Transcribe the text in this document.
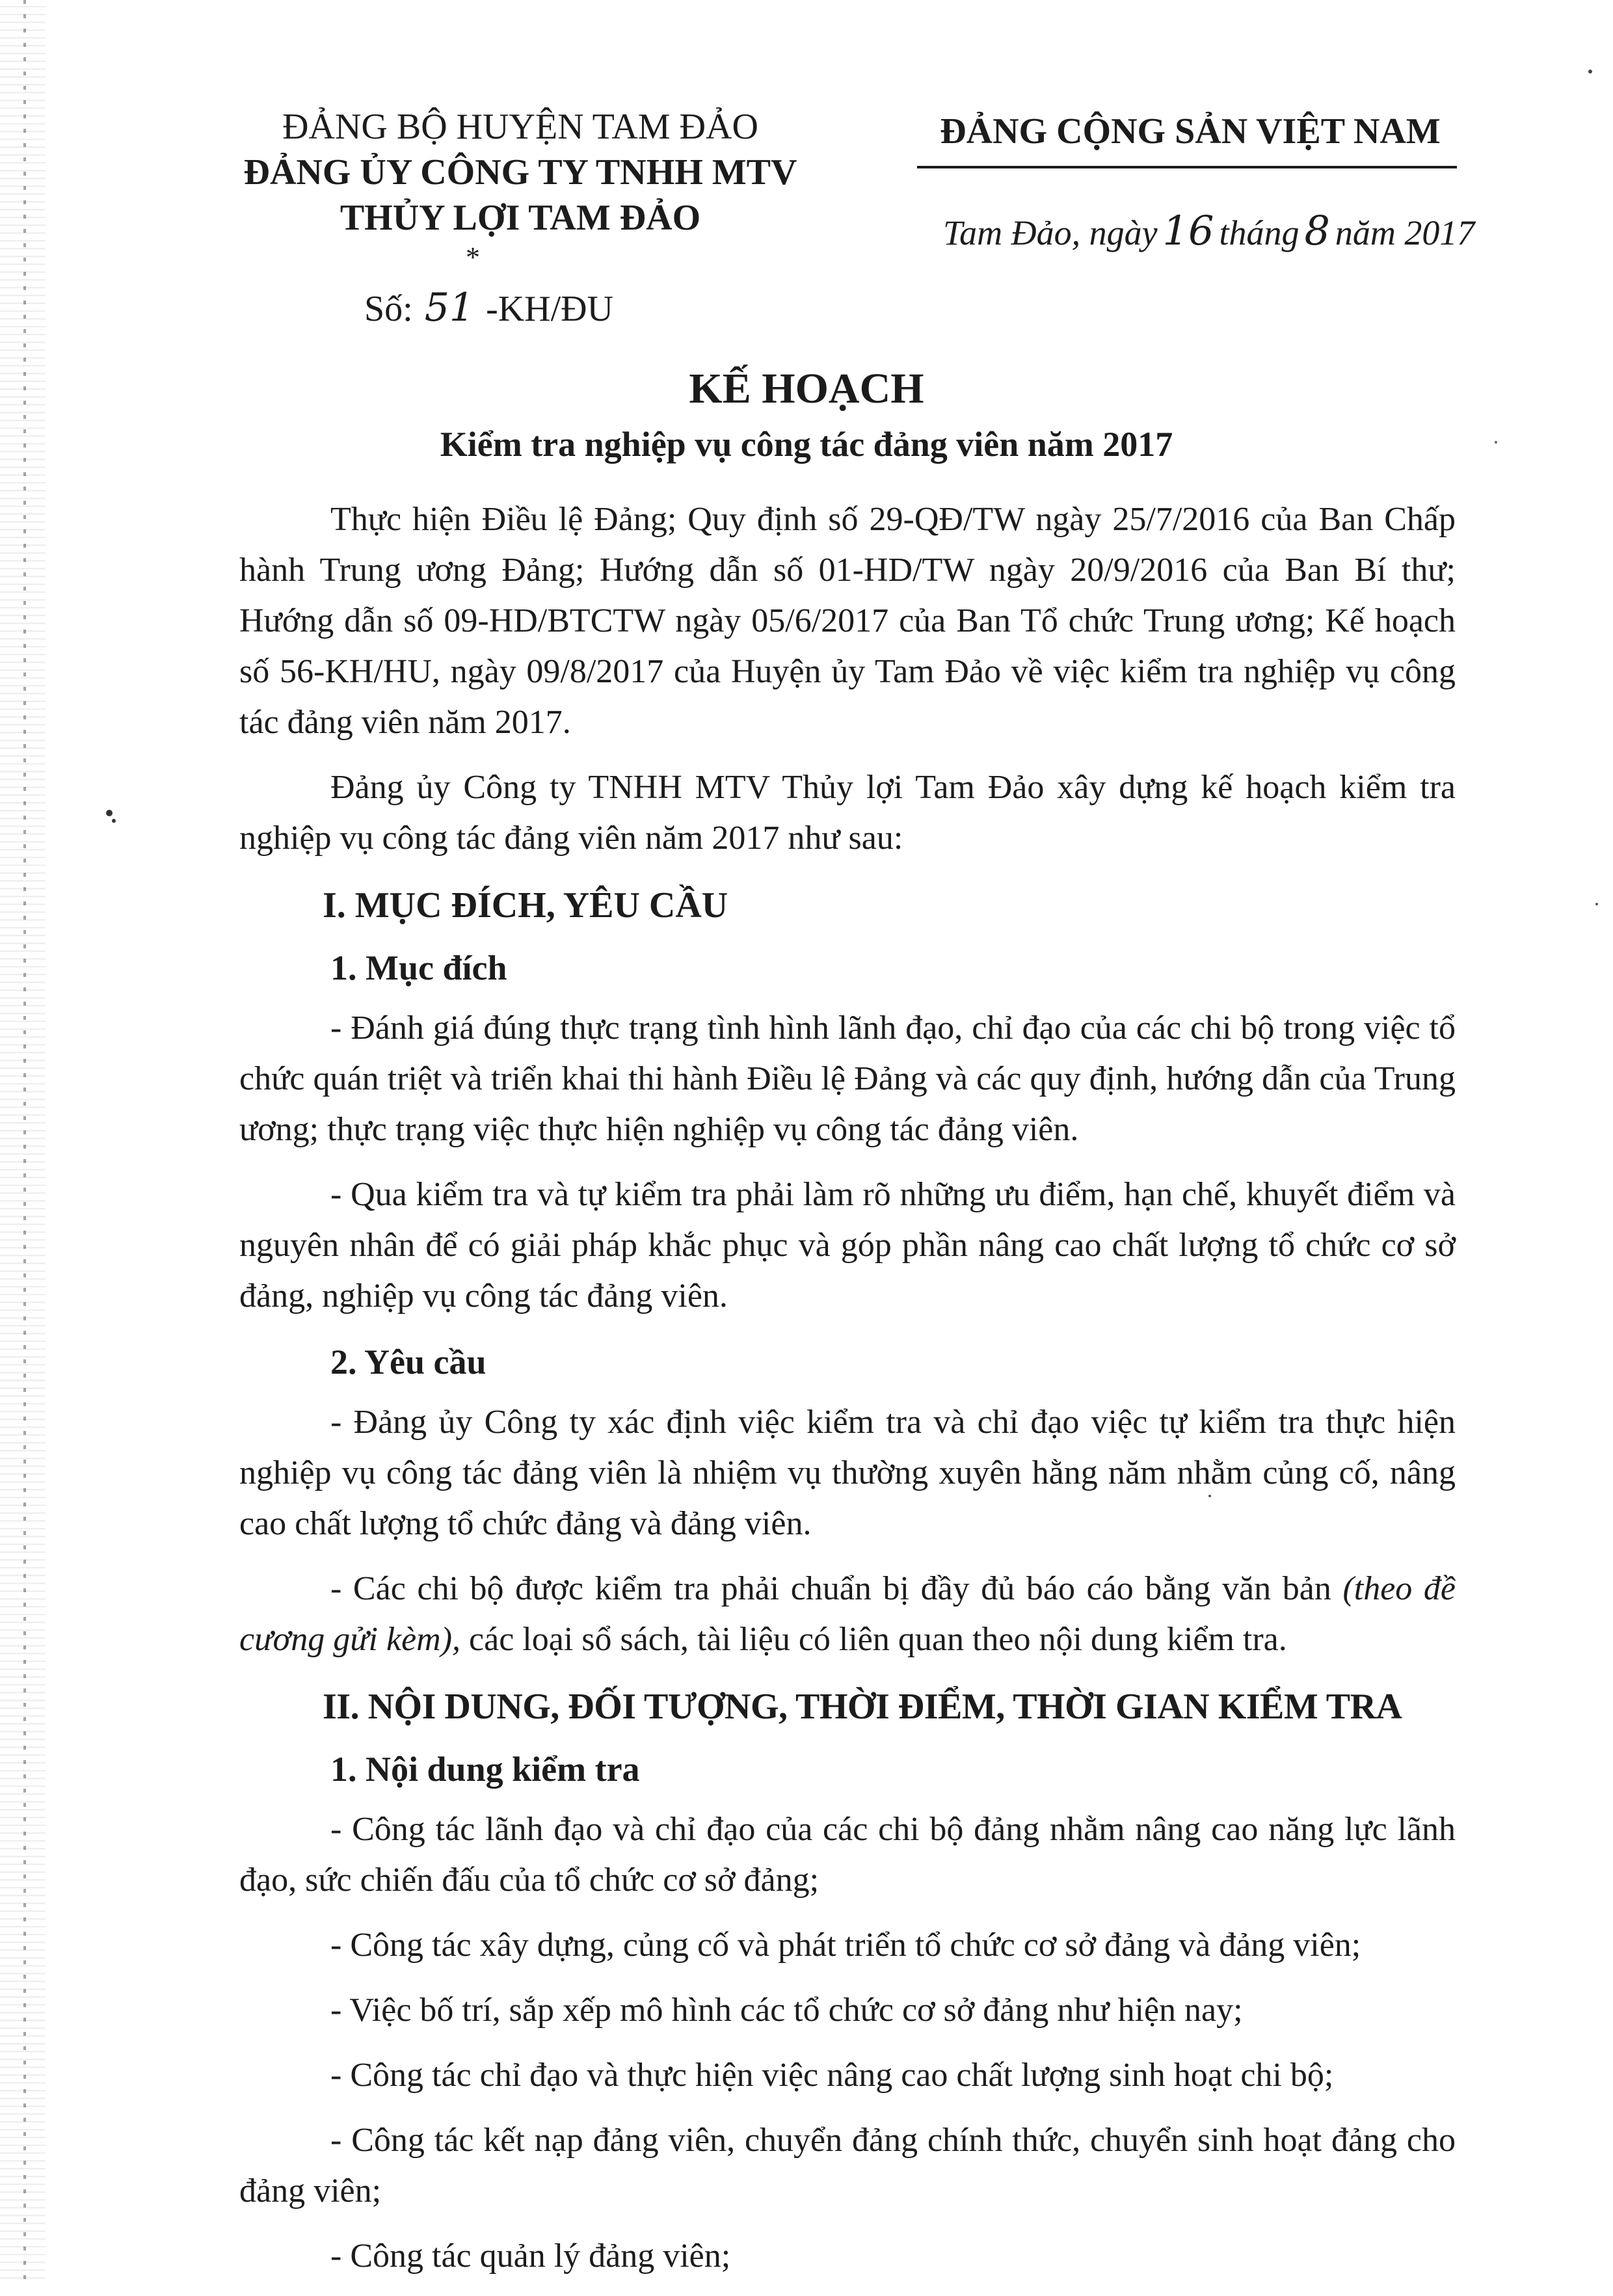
ĐẢNG BỘ HUYỆN TAM ĐẢO
ĐẢNG ỦY CÔNG TY TNHH MTV
THỦY LỢI TAM ĐẢO
*
Số: 51 -KH/ĐU
ĐẢNG CỘNG SẢN VIỆT NAM
Tam Đảo, ngày 16 tháng 8 năm 2017
KẾ HOẠCH
Kiểm tra nghiệp vụ công tác đảng viên năm 2017

Thực hiện Điều lệ Đảng; Quy định số 29-QĐ/TW ngày 25/7/2016 của Ban Chấp hành Trung ương Đảng; Hướng dẫn số 01-HD/TW ngày 20/9/2016 của Ban Bí thư; Hướng dẫn số 09-HD/BTCTW ngày 05/6/2017 của Ban Tổ chức Trung ương; Kế hoạch số 56-KH/HU, ngày 09/8/2017 của Huyện ủy Tam Đảo về việc kiểm tra nghiệp vụ công tác đảng viên năm 2017.

Đảng ủy Công ty TNHH MTV Thủy lợi Tam Đảo xây dựng kế hoạch kiểm tra nghiệp vụ công tác đảng viên năm 2017 như sau:

I. MỤC ĐÍCH, YÊU CẦU
1. Mục đích

- Đánh giá đúng thực trạng tình hình lãnh đạo, chỉ đạo của các chi bộ trong việc tổ chức quán triệt và triển khai thi hành Điều lệ Đảng và các quy định, hướng dẫn của Trung ương; thực trạng việc thực hiện nghiệp vụ công tác đảng viên.

- Qua kiểm tra và tự kiểm tra phải làm rõ những ưu điểm, hạn chế, khuyết điểm và nguyên nhân để có giải pháp khắc phục và góp phần nâng cao chất lượng tổ chức cơ sở đảng, nghiệp vụ công tác đảng viên.

2. Yêu cầu

- Đảng ủy Công ty xác định việc kiểm tra và chỉ đạo việc tự kiểm tra thực hiện nghiệp vụ công tác đảng viên là nhiệm vụ thường xuyên hằng năm nhằm củng cố, nâng cao chất lượng tổ chức đảng và đảng viên.

- Các chi bộ được kiểm tra phải chuẩn bị đầy đủ báo cáo bằng văn bản (theo đề cương gửi kèm), các loại sổ sách, tài liệu có liên quan theo nội dung kiểm tra.

II. NỘI DUNG, ĐỐI TƯỢNG, THỜI ĐIỂM, THỜI GIAN KIỂM TRA
1. Nội dung kiểm tra

- Công tác lãnh đạo và chỉ đạo của các chi bộ đảng nhằm nâng cao năng lực lãnh đạo, sức chiến đấu của tổ chức cơ sở đảng;

- Công tác xây dựng, củng cố và phát triển tổ chức cơ sở đảng và đảng viên;

- Việc bố trí, sắp xếp mô hình các tổ chức cơ sở đảng như hiện nay;

- Công tác chỉ đạo và thực hiện việc nâng cao chất lượng sinh hoạt chi bộ;

- Công tác kết nạp đảng viên, chuyển đảng chính thức, chuyển sinh hoạt đảng cho đảng viên;

- Công tác quản lý đảng viên;
